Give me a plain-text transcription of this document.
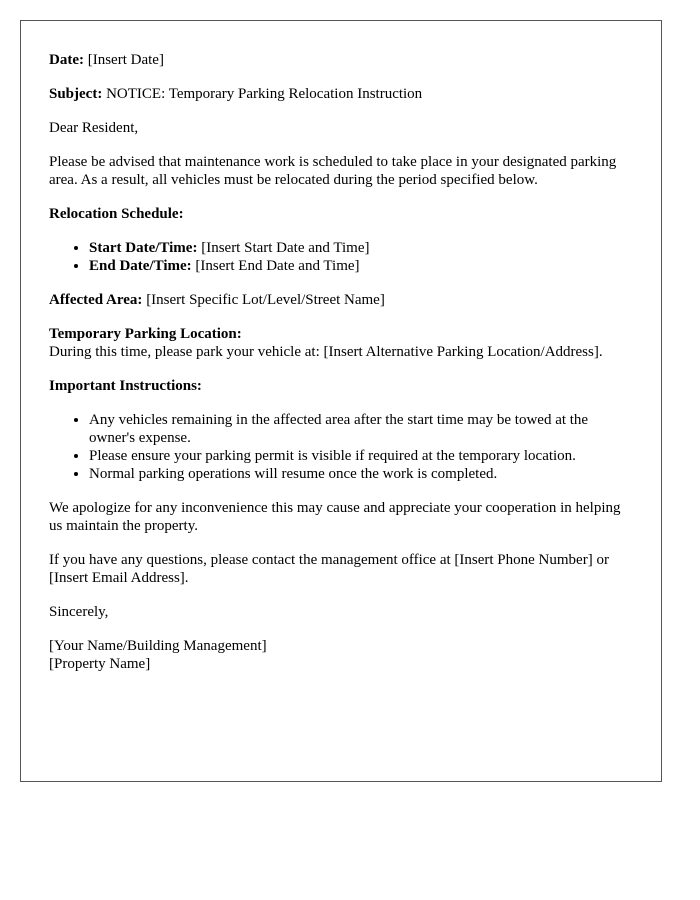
Date: [Insert Date]

Subject: NOTICE: Temporary Parking Relocation Instruction

Dear Resident,

Please be advised that maintenance work is scheduled to take place in your designated parking area. As a result, all vehicles must be relocated during the period specified below.

Relocation Schedule:

• Start Date/Time: [Insert Start Date and Time]
• End Date/Time: [Insert End Date and Time]

Affected Area: [Insert Specific Lot/Level/Street Name]

Temporary Parking Location:
During this time, please park your vehicle at: [Insert Alternative Parking Location/Address].

Important Instructions:

• Any vehicles remaining in the affected area after the start time may be towed at the owner's expense.
• Please ensure your parking permit is visible if required at the temporary location.
• Normal parking operations will resume once the work is completed.

We apologize for any inconvenience this may cause and appreciate your cooperation in helping us maintain the property.

If you have any questions, please contact the management office at [Insert Phone Number] or [Insert Email Address].

Sincerely,

[Your Name/Building Management]
[Property Name]
